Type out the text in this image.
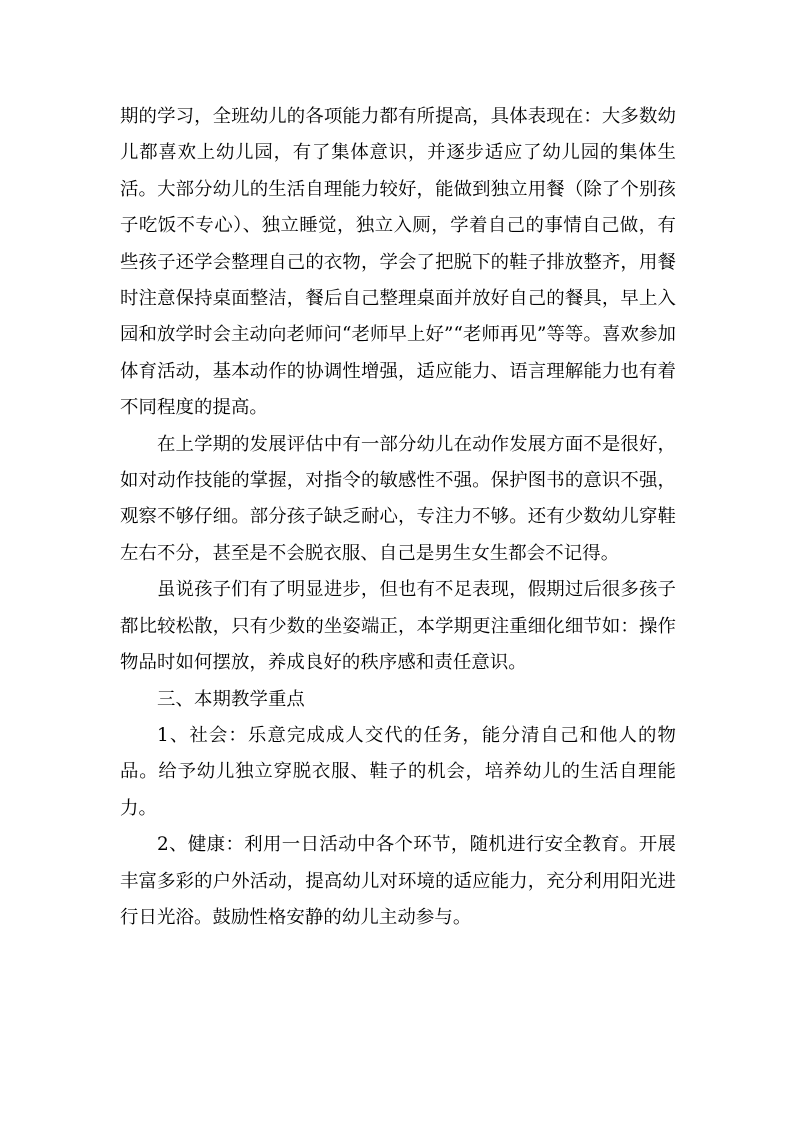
期的学习，全班幼儿的各项能力都有所提高，具体表现在：大多数幼儿都喜欢上幼儿园，有了集体意识，并逐步适应了幼儿园的集体生活。大部分幼儿的生活自理能力较好，能做到独立用餐（除了个别孩子吃饭不专心）、独立睡觉，独立入厕，学着自己的事情自己做，有些孩子还学会整理自己的衣物，学会了把脱下的鞋子排放整齐，用餐时注意保持桌面整洁，餐后自己整理桌面并放好自己的餐具，早上入园和放学时会主动向老师问“老师早上好”“老师再见”等等。喜欢参加体育活动，基本动作的协调性增强，适应能力、语言理解能力也有着不同程度的提高。

在上学期的发展评估中有一部分幼儿在动作发展方面不是很好，如对动作技能的掌握，对指令的敏感性不强。保护图书的意识不强，观察不够仔细。部分孩子缺乏耐心，专注力不够。还有少数幼儿穿鞋左右不分，甚至是不会脱衣服、自己是男生女生都会不记得。

虽说孩子们有了明显进步，但也有不足表现，假期过后很多孩子都比较松散，只有少数的坐姿端正，本学期更注重细化细节如：操作物品时如何摆放，养成良好的秩序感和责任意识。

三、本期教学重点

1、社会：乐意完成成人交代的任务，能分清自己和他人的物品。给予幼儿独立穿脱衣服、鞋子的机会，培养幼儿的生活自理能力。

2、健康：利用一日活动中各个环节，随机进行安全教育。开展丰富多彩的户外活动，提高幼儿对环境的适应能力，充分利用阳光进行日光浴。鼓励性格安静的幼儿主动参与。
